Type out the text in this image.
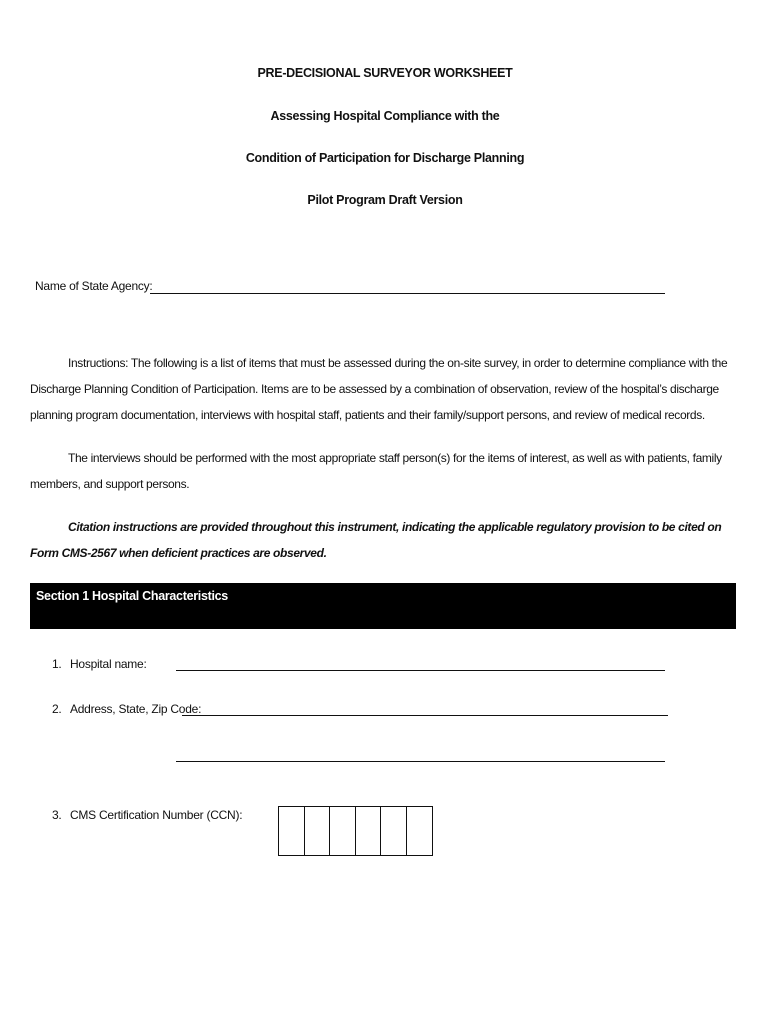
PRE-DECISIONAL SURVEYOR WORKSHEET
Assessing Hospital Compliance with the
Condition of Participation for Discharge Planning
Pilot Program Draft Version
Name of State Agency:
Instructions: The following is a list of items that must be assessed during the on-site survey, in order to determine compliance with the Discharge Planning Condition of Participation. Items are to be assessed by a combination of observation, review of the hospital’s discharge planning program documentation, interviews with hospital staff, patients and their family/support persons, and review of medical records.
The interviews should be performed with the most appropriate staff person(s) for the items of interest, as well as with patients, family members, and support persons.
Citation instructions are provided throughout this instrument, indicating the applicable regulatory provision to be cited on Form CMS-2567 when deficient practices are observed.
Section 1 Hospital Characteristics
1. Hospital name:
2. Address, State, Zip Code:
3. CMS Certification Number (CCN):
